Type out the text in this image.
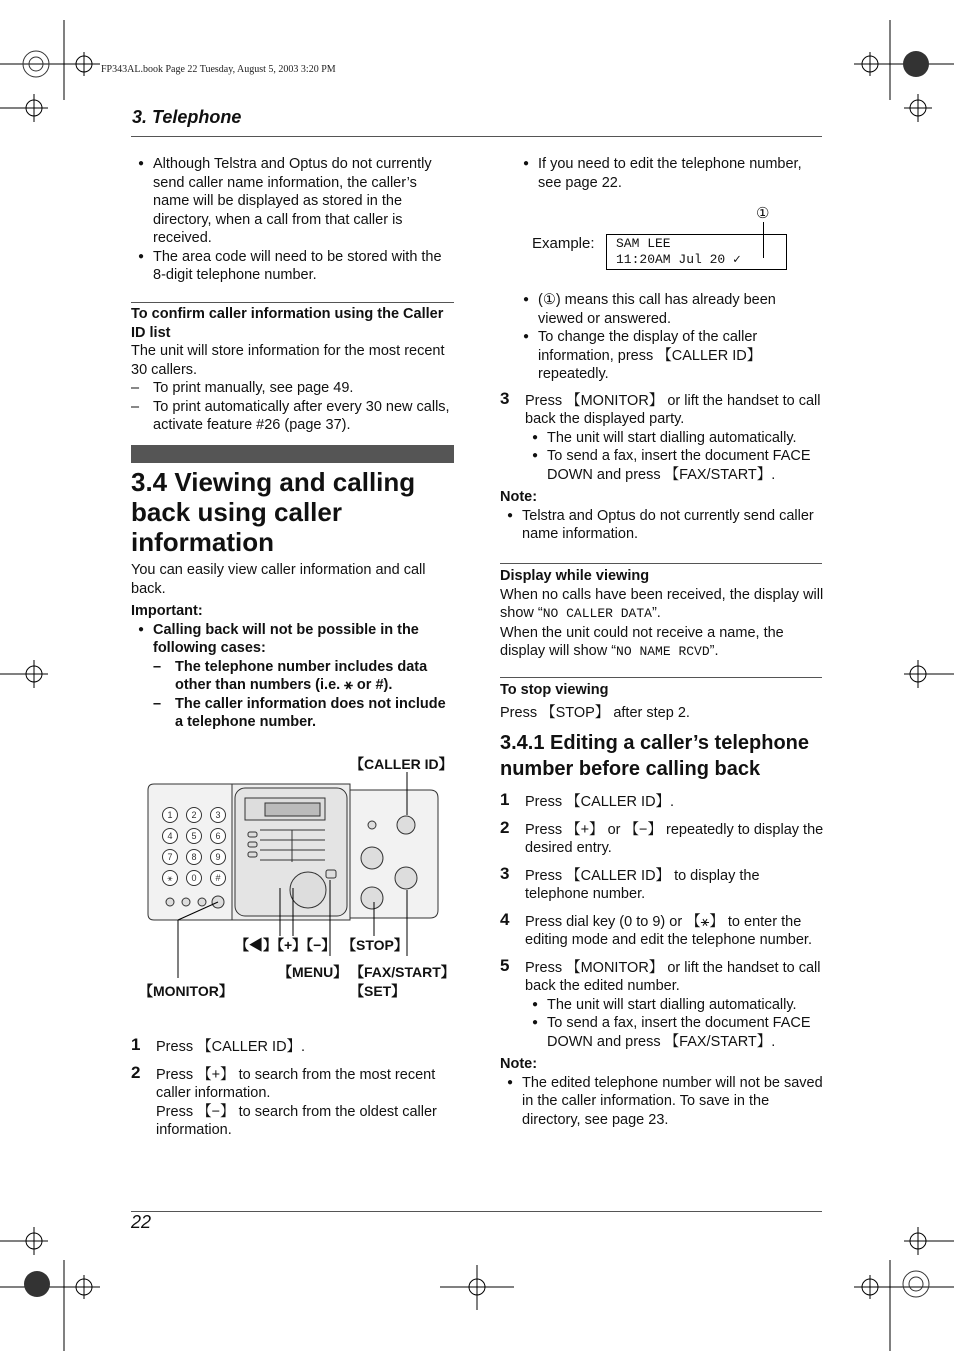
FP343AL.book Page 22 Tuesday, August 5, 2003 3:20 PM
3. Telephone
● Although Telstra and Optus do not currently send caller name information, the caller’s name will be displayed as stored in the directory, when a call from that caller is received.
● The area code will need to be stored with the 8-digit telephone number.
To confirm caller information using the Caller ID list
The unit will store information for the most recent 30 callers.
– To print manually, see page 49.
– To print automatically after every 30 new calls, activate feature #26 (page 37).
3.4 Viewing and calling back using caller information
You can easily view caller information and call back.
Important:
● Calling back will not be possible in the following cases:
– The telephone number includes data other than numbers (i.e. ⚹ or #).
– The caller information does not include a telephone number.
1 2 3
4 5 6
7 8 9
⚹ 0 #
【CALLER ID】
【◀】【+】【−】 【STOP】
【MENU】 【FAX/START】
【SET】
【MONITOR】
1 Press 【CALLER ID】.
2 Press 【+】 to search from the most recent caller information.
Press 【−】 to search from the oldest caller information.
● If you need to edit the telephone number, see page 22.
Example:
①
SAM LEE
11:20AM Jul 20 ✓
● (①) means this call has already been viewed or answered.
● To change the display of the caller information, press 【CALLER ID】 repeatedly.
3 Press 【MONITOR】 or lift the handset to call back the displayed party.
● The unit will start dialling automatically.
● To send a fax, insert the document FACE DOWN and press 【FAX/START】.
Note:
● Telstra and Optus do not currently send caller name information.
Display while viewing
When no calls have been received, the display will show “NO CALLER DATA”.
When the unit could not receive a name, the display will show “NO NAME RCVD”.
To stop viewing
Press 【STOP】 after step 2.
3.4.1 Editing a caller’s telephone number before calling back
1 Press 【CALLER ID】.
2 Press 【+】 or 【−】 repeatedly to display the desired entry.
3 Press 【CALLER ID】 to display the telephone number.
4 Press dial key (0 to 9) or 【⚹】 to enter the editing mode and edit the telephone number.
5 Press 【MONITOR】 or lift the handset to call back the edited number.
● The unit will start dialling automatically.
● To send a fax, insert the document FACE DOWN and press 【FAX/START】.
Note:
● The edited telephone number will not be saved in the caller information. To save in the directory, see page 23.
22
